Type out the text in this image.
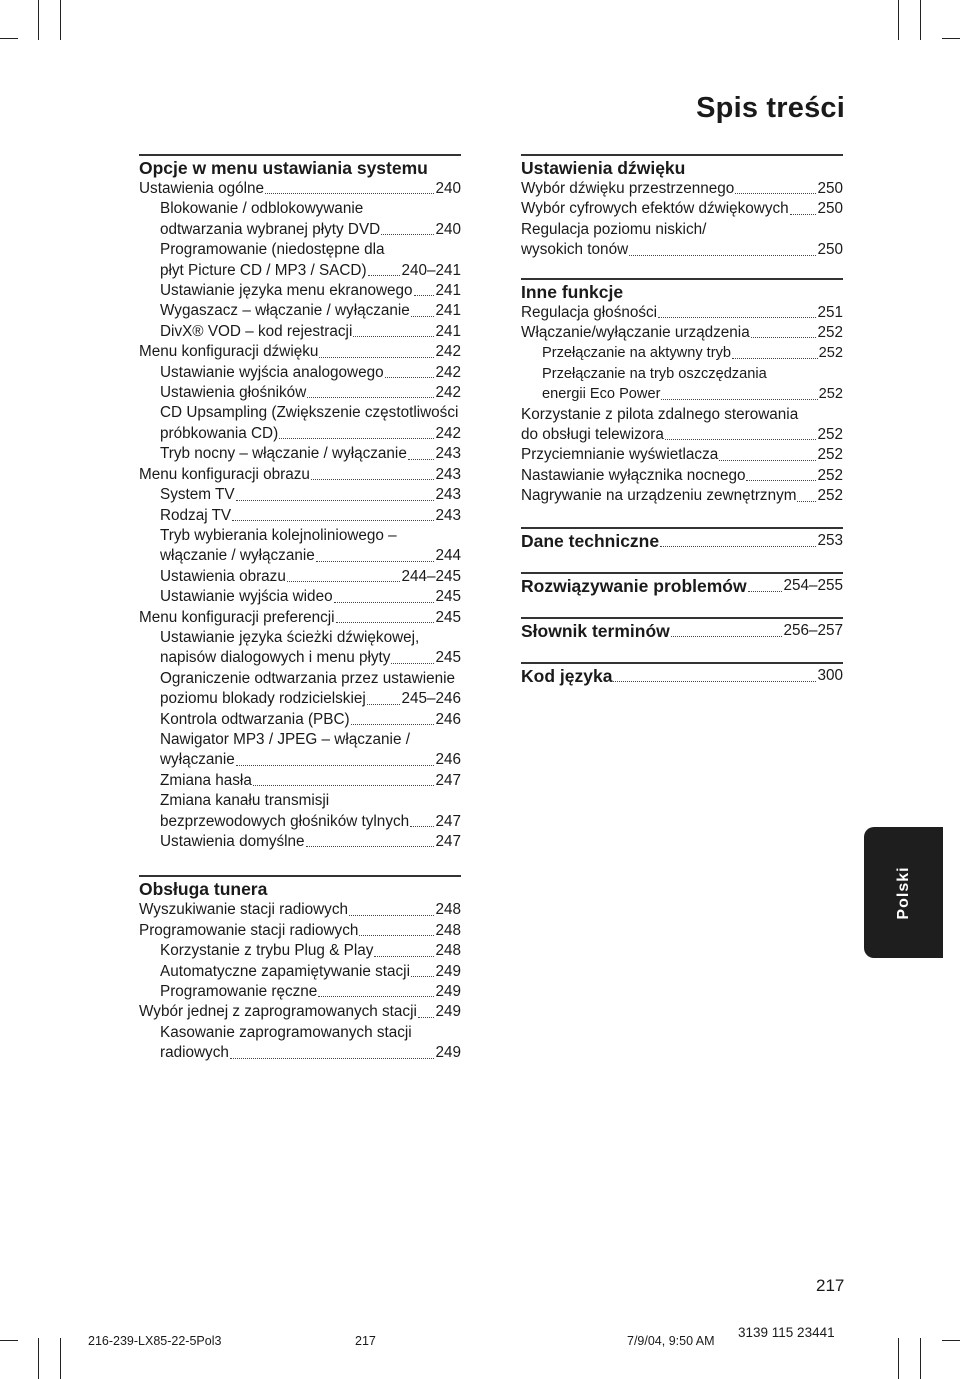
Spis treści
Opcje w menu ustawiania systemu
Ustawienia ogólne	240
Blokowanie / odblokowywanie
odtwarzania wybranej płyty DVD	240
Programowanie (niedostępne dla
płyt Picture CD / MP3 / SACD) 240–241
Ustawianie języka menu ekranowego 241
Wygaszacz – włączanie / wyłączanie 241
DivX® VOD – kod rejestracji	241
Menu konfiguracji dźwięku	242
Ustawianie wyjścia analogowego	242
Ustawienia głośników	242
CD Upsampling (Zwiększenie częstotliwości
próbkowania CD)	242
Tryb nocny – włączanie / wyłączanie 243
Menu konfiguracji obrazu	243
System TV	243
Rodzaj TV	243
Tryb wybierania kolejnoliniowego –
włączanie / wyłączanie	244
Ustawienia obrazu	244–245
Ustawianie wyjścia wideo	245
Menu konfiguracji preferencji	245
Ustawianie języka ścieżki dźwiękowej,
napisów dialogowych i menu płyty	245
Ograniczenie odtwarzania przez ustawienie
poziomu blokady rodzicielskiej 245–246
Kontrola odtwarzania (PBC)	246
Nawigator MP3 / JPEG – włączanie /
wyłączanie	246
Zmiana hasła	247
Zmiana kanału transmisji
bezprzewodowych głośników tylnych 247
Ustawienia domyślne	247
Obsługa tunera
Wyszukiwanie stacji radiowych	248
Programowanie stacji radiowych	248
Korzystanie z trybu Plug & Play	248
Automatyczne zapamiętywanie stacji 249
Programowanie ręczne	249
Wybór jednej z zaprogramowanych stacji 249
Kasowanie zaprogramowanych stacji
radiowych	249
Ustawienia dźwięku
Wybór dźwięku przestrzennego	250
Wybór cyfrowych efektów dźwiękowych 250
Regulacja poziomu niskich/
wysokich tonów	250
Inne funkcje
Regulacja głośności	251
Włączanie/wyłączanie urządzenia	252
Przełączanie na aktywny tryb	252
Przełączanie na tryb oszczędzania
energii Eco Power	252
Korzystanie z pilota zdalnego sterowania
do obsługi telewizora	252
Przyciemnianie wyświetlacza	252
Nastawianie wyłącznika nocnego	252
Nagrywanie na urządzeniu zewnętrznym 252
Dane techniczne	253
Rozwiązywanie problemów 254–255
Słownik terminów	256–257
Kod języka	300
Polski
217
216-239-LX85-22-5Pol3	217	7/9/04, 9:50 AM
3139 115 23441
